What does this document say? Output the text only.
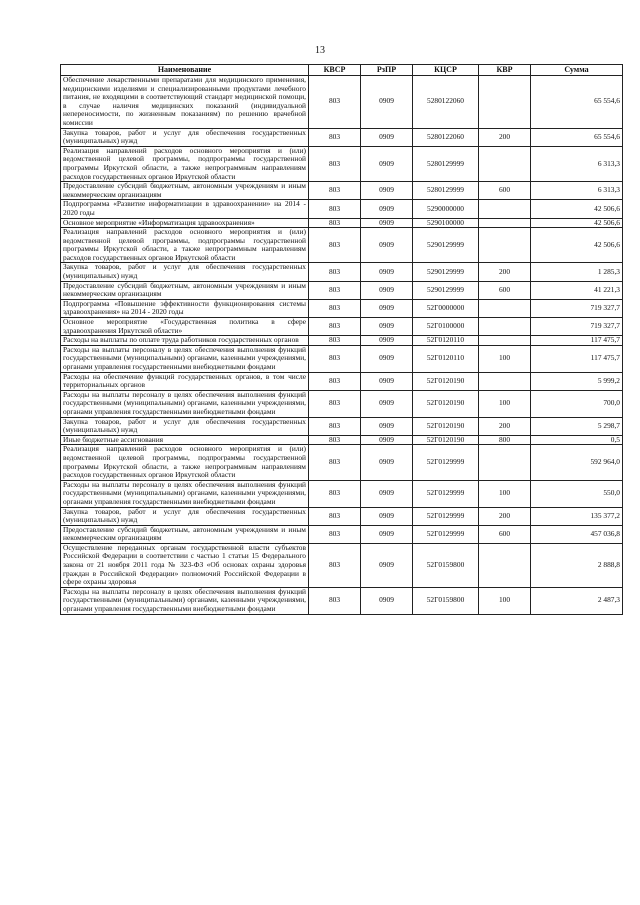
13
Наименование	КВСР	РзПР	КЦСР	КВР	Сумма
Обеспечение лекарственными препаратами для медицинского применения, медицинскими изделиями и специализированными продуктами лечебного питания, не входящими в соответствующий стандарт медицинской помощи, в случае наличия медицинских показаний (индивидуальной непереносимости, по жизненным показаниям) по решению врачебной комиссии	803	0909	5280122060		65 554,6
Закупка товаров, работ и услуг для обеспечения государственных (муниципальных) нужд	803	0909	5280122060	200	65 554,6
Реализация направлений расходов основного мероприятия и (или) ведомственной целевой программы, подпрограммы государственной программы Иркутской области, а также непрограммным направлениям расходов государственных органов Иркутской области	803	0909	5280129999		6 313,3
Предоставление субсидий бюджетным, автономным учреждениям и иным некоммерческим организациям	803	0909	5280129999	600	6 313,3
Подпрограмма «Развитие информатизации в здравоохранении» на 2014 - 2020 годы	803	0909	5290000000		42 506,6
Основное мероприятие «Информатизация здравоохранения»	803	0909	5290100000		42 506,6
Реализация направлений расходов основного мероприятия и (или) ведомственной целевой программы, подпрограммы государственной программы Иркутской области, а также непрограммным направлениям расходов государственных органов Иркутской области	803	0909	5290129999		42 506,6
Закупка товаров, работ и услуг для обеспечения государственных (муниципальных) нужд	803	0909	5290129999	200	1 285,3
Предоставление субсидий бюджетным, автономным учреждениям и иным некоммерческим организациям	803	0909	5290129999	600	41 221,3
Подпрограмма «Повышение эффективности функционирования системы здравоохранения» на 2014 - 2020 годы	803	0909	52Г0000000		719 327,7
Основное мероприятие «Государственная политика в сфере здравоохранения Иркутской области»	803	0909	52Г0100000		719 327,7
Расходы на выплаты по оплате труда работников государственных органов	803	0909	52Г0120110		117 475,7
Расходы на выплаты персоналу в целях обеспечения выполнения функций государственными (муниципальными) органами, казенными учреждениями, органами управления государственными внебюджетными фондами	803	0909	52Г0120110	100	117 475,7
Расходы на обеспечение функций государственных органов, в том числе территориальных органов	803	0909	52Г0120190		5 999,2
Расходы на выплаты персоналу в целях обеспечения выполнения функций государственными (муниципальными) органами, казенными учреждениями, органами управления государственными внебюджетными фондами	803	0909	52Г0120190	100	700,0
Закупка товаров, работ и услуг для обеспечения государственных (муниципальных) нужд	803	0909	52Г0120190	200	5 298,7
Иные бюджетные ассигнования	803	0909	52Г0120190	800	0,5
Реализация направлений расходов основного мероприятия и (или) ведомственной целевой программы, подпрограммы государственной программы Иркутской области, а также непрограммным направлениям расходов государственных органов Иркутской области	803	0909	52Г0129999		592 964,0
Расходы на выплаты персоналу в целях обеспечения выполнения функций государственными (муниципальными) органами, казенными учреждениями, органами управления государственными внебюджетными фондами	803	0909	52Г0129999	100	550,0
Закупка товаров, работ и услуг для обеспечения государственных (муниципальных) нужд	803	0909	52Г0129999	200	135 377,2
Предоставление субсидий бюджетным, автономным учреждениям и иным некоммерческим организациям	803	0909	52Г0129999	600	457 036,8
Осуществление переданных органам государственной власти субъектов Российской Федерации в соответствии с частью 1 статьи 15 Федерального закона от 21 ноября 2011 года № 323-ФЗ «Об основах охраны здоровья граждан в Российской Федерации» полномочий Российской Федерации в сфере охраны здоровья	803	0909	52Г0159800		2 888,8
Расходы на выплаты персоналу в целях обеспечения выполнения функций государственными (муниципальными) органами, казенными учреждениями, органами управления государственными внебюджетными фондами	803	0909	52Г0159800	100	2 487,3
